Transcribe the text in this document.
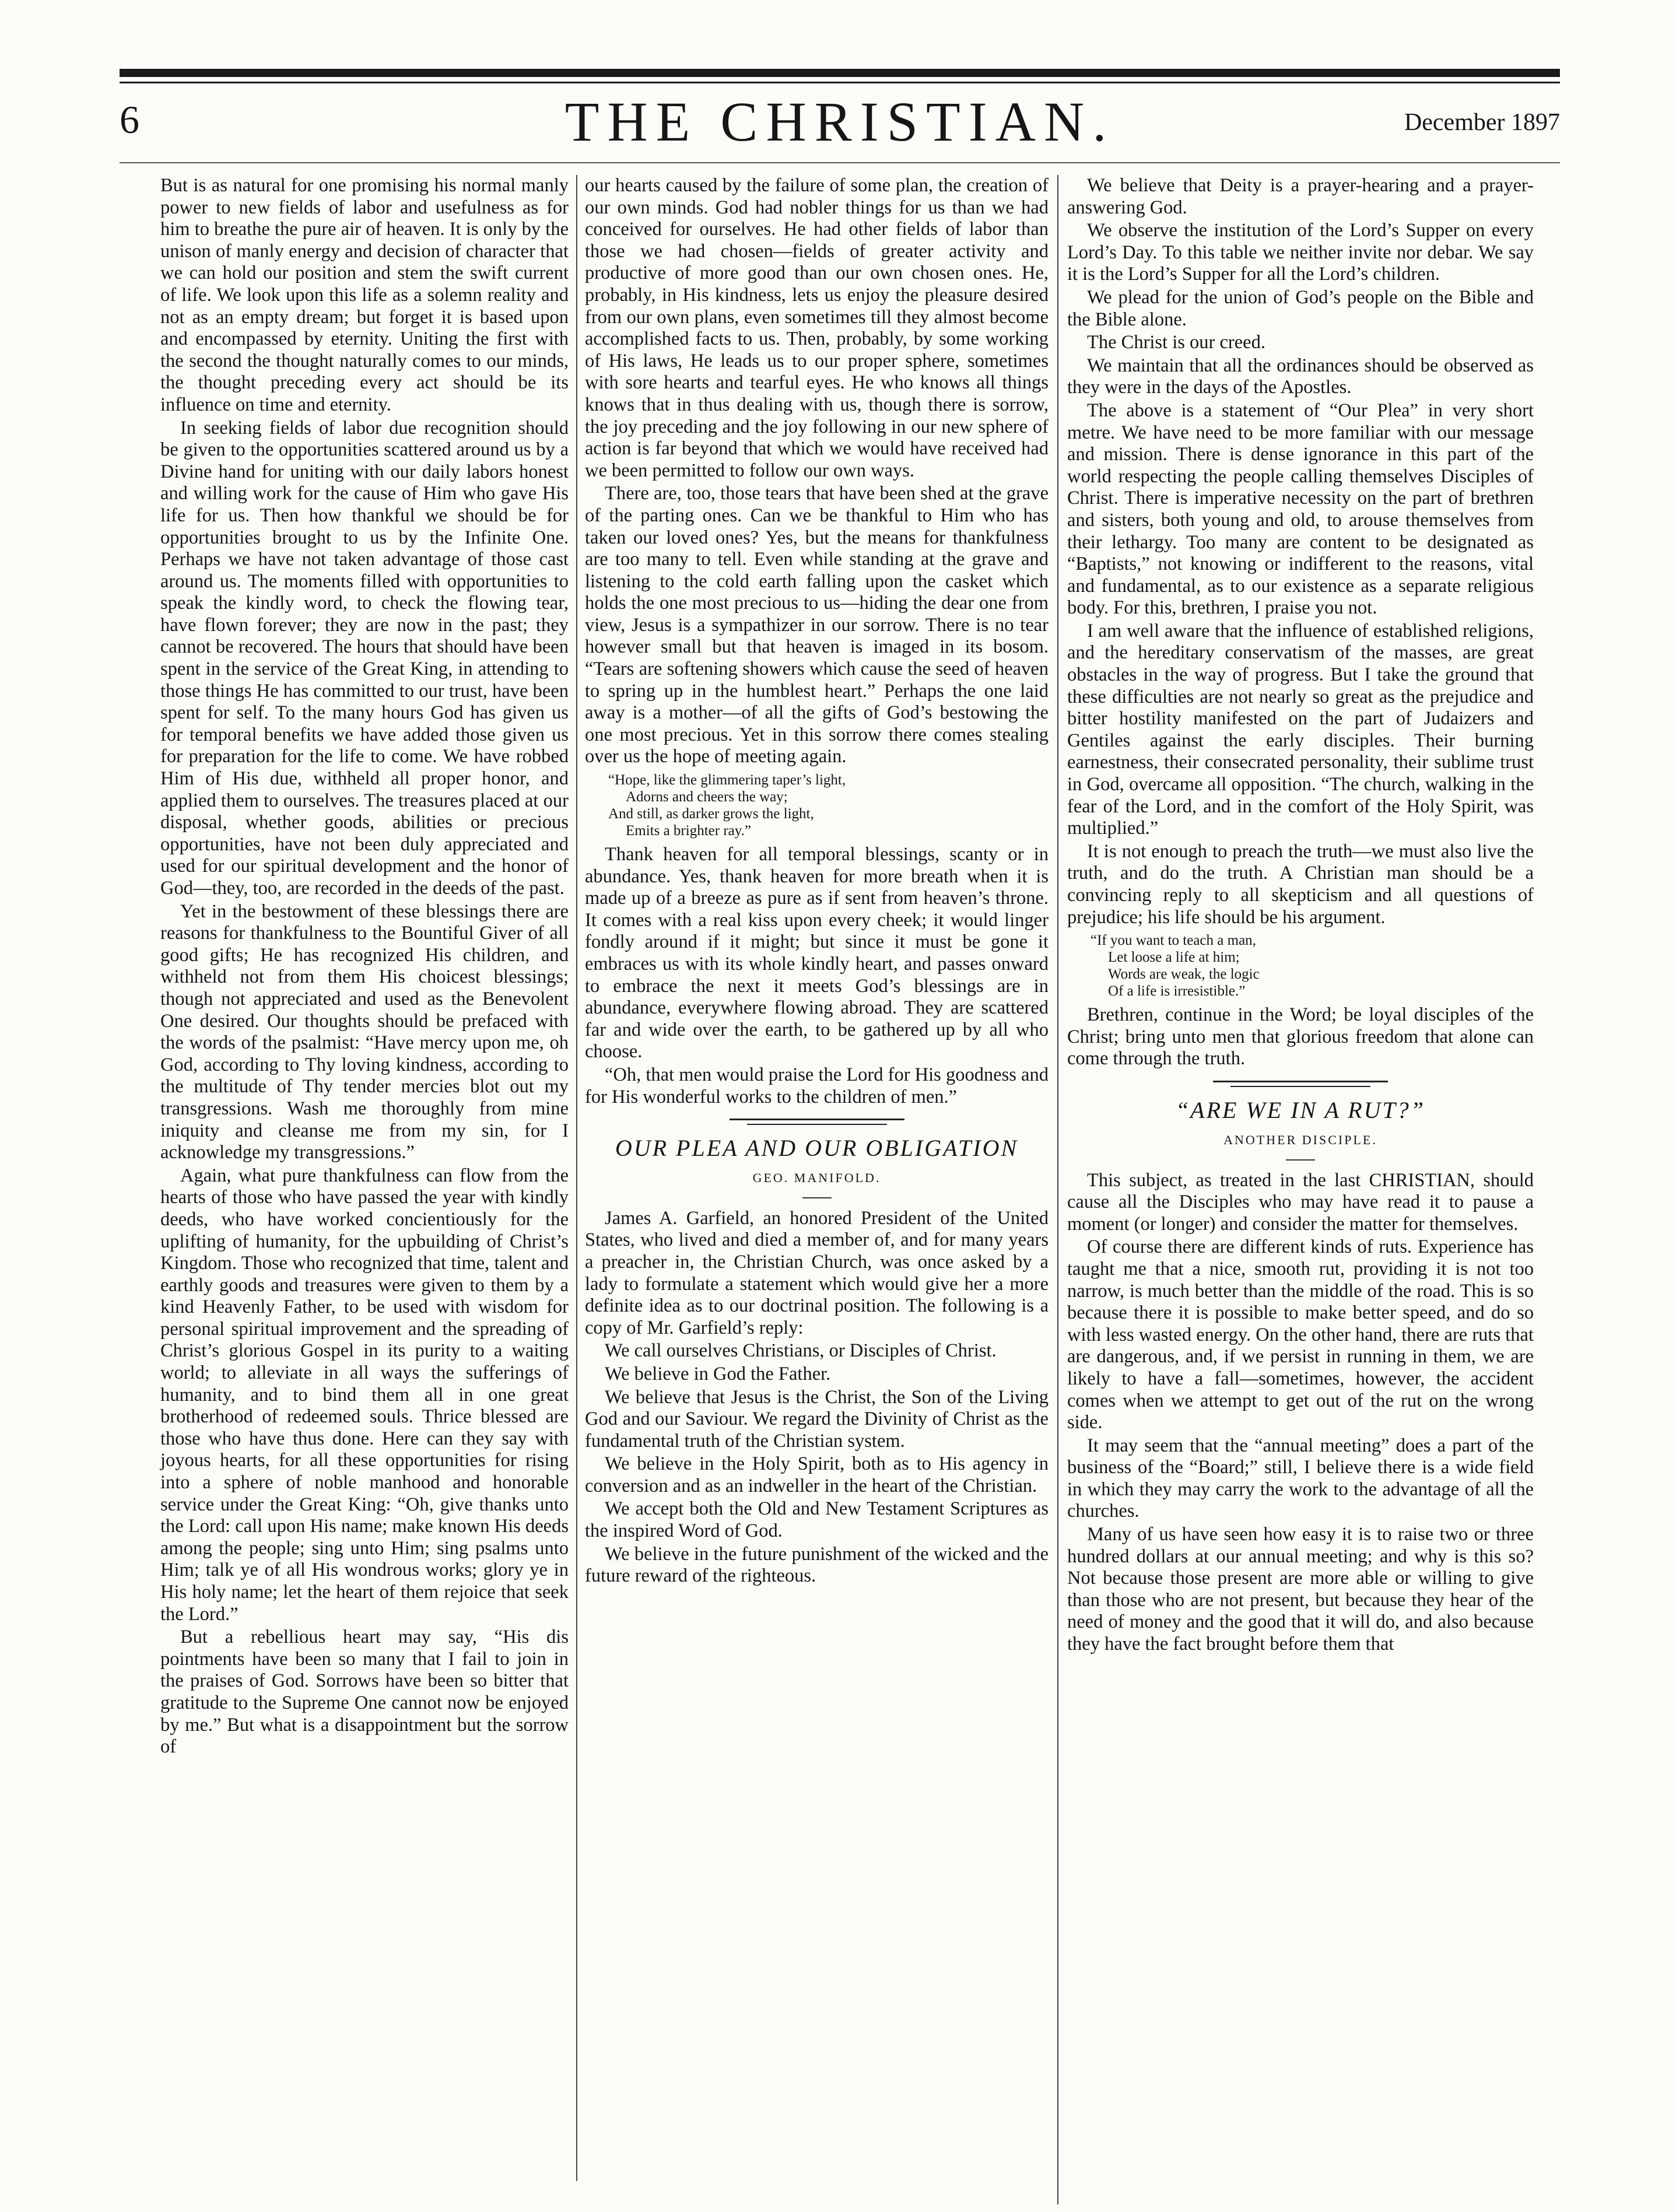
6	THE CHRISTIAN.	December 1897

But is as natural for one promising his normal manly power to new fields of labor and usefulness as for him to breathe the pure air of heaven. It is only by the unison of manly energy and decision of character that we can hold our position and stem the swift current of life. We look upon this life as a solemn reality and not as an empty dream; but forget it is based upon and encompassed by eternity. Uniting the first with the second the thought naturally comes to our minds, the thought preceding every act should be its influence on time and eternity.

In seeking fields of labor due recognition should be given to the opportunities scattered around us by a Divine hand for uniting with our daily labors honest and willing work for the cause of Him who gave His life for us. Then how thankful we should be for opportunities brought to us by the Infinite One. Perhaps we have not taken advantage of those cast around us. The moments filled with opportunities to speak the kindly word, to check the flowing tear, have flown forever; they are now in the past; they cannot be recovered. The hours that should have been spent in the service of the Great King, in attending to those things He has committed to our trust, have been spent for self. To the many hours God has given us for temporal benefits we have added those given us for preparation for the life to come. We have robbed Him of His due, withheld all proper honor, and applied them to ourselves. The treasures placed at our disposal, whether goods, abilities or precious opportunities, have not been duly appreciated and used for our spiritual development and the honor of God—they, too, are recorded in the deeds of the past.

Yet in the bestowment of these blessings there are reasons for thankfulness to the Bountiful Giver of all good gifts; He has recognized His children, and withheld not from them His choicest blessings; though not appreciated and used as the Benevolent One desired. Our thoughts should be prefaced with the words of the psalmist: “Have mercy upon me, oh God, according to Thy loving kindness, according to the multitude of Thy tender mercies blot out my transgressions. Wash me thoroughly from mine iniquity and cleanse me from my sin, for I acknowledge my transgressions.”

Again, what pure thankfulness can flow from the hearts of those who have passed the year with kindly deeds, who have worked concientiously for the uplifting of humanity, for the upbuilding of Christ’s Kingdom. Those who recognized that time, talent and earthly goods and treasures were given to them by a kind Heavenly Father, to be used with wisdom for personal spiritual improvement and the spreading of Christ’s glorious Gospel in its purity to a waiting world; to alleviate in all ways the sufferings of humanity, and to bind them all in one great brotherhood of redeemed souls. Thrice blessed are those who have thus done. Here can they say with joyous hearts, for all these opportunities for rising into a sphere of noble manhood and honorable service under the Great King: “Oh, give thanks unto the Lord: call upon His name; make known His deeds among the people; sing unto Him; sing psalms unto Him; talk ye of all His wondrous works; glory ye in His holy name; let the heart of them rejoice that seek the Lord.”

But a rebellious heart may say, “His dis pointments have been so many that I fail to join in the praises of God. Sorrows have been so bitter that gratitude to the Supreme One cannot now be enjoyed by me.” But what is a disappointment but the sorrow of

our hearts caused by the failure of some plan, the creation of our own minds. God had nobler things for us than we had conceived for ourselves. He had other fields of labor than those we had chosen—fields of greater activity and productive of more good than our own chosen ones. He, probably, in His kindness, lets us enjoy the pleasure desired from our own plans, even sometimes till they almost become accomplished facts to us. Then, probably, by some working of His laws, He leads us to our proper sphere, sometimes with sore hearts and tearful eyes. He who knows all things knows that in thus dealing with us, though there is sorrow, the joy preceding and the joy following in our new sphere of action is far beyond that which we would have received had we been permitted to follow our own ways.

There are, too, those tears that have been shed at the grave of the parting ones. Can we be thankful to Him who has taken our loved ones? Yes, but the means for thankfulness are too many to tell. Even while standing at the grave and listening to the cold earth falling upon the casket which holds the one most precious to us—hiding the dear one from view, Jesus is a sympathizer in our sorrow. There is no tear however small but that heaven is imaged in its bosom. “Tears are softening showers which cause the seed of heaven to spring up in the humblest heart.” Perhaps the one laid away is a mother—of all the gifts of God’s bestowing the one most precious. Yet in this sorrow there comes stealing over us the hope of meeting again.

“Hope, like the glimmering taper’s light,
Adorns and cheers the way;
And still, as darker grows the light,
Emits a brighter ray.”

Thank heaven for all temporal blessings, scanty or in abundance. Yes, thank heaven for more breath when it is made up of a breeze as pure as if sent from heaven’s throne. It comes with a real kiss upon every cheek; it would linger fondly around if it might; but since it must be gone it embraces us with its whole kindly heart, and passes onward to embrace the next it meets God’s blessings are in abundance, everywhere flowing abroad. They are scattered far and wide over the earth, to be gathered up by all who choose.

“Oh, that men would praise the Lord for His goodness and for His wonderful works to the children of men.”

OUR PLEA AND OUR OBLIGATION
GEO. MANIFOLD.

James A. Garfield, an honored President of the United States, who lived and died a member of, and for many years a preacher in, the Christian Church, was once asked by a lady to formulate a statement which would give her a more definite idea as to our doctrinal position. The following is a copy of Mr. Garfield’s reply:

We call ourselves Christians, or Disciples of Christ.

We believe in God the Father.

We believe that Jesus is the Christ, the Son of the Living God and our Saviour. We regard the Divinity of Christ as the fundamental truth of the Christian system.

We believe in the Holy Spirit, both as to His agency in conversion and as an indweller in the heart of the Christian.

We accept both the Old and New Testament Scriptures as the inspired Word of God.

We believe in the future punishment of the wicked and the future reward of the righteous.

We believe that Deity is a prayer-hearing and a prayer-answering God.

We observe the institution of the Lord’s Supper on every Lord’s Day. To this table we neither invite nor debar. We say it is the Lord’s Supper for all the Lord’s children.

We plead for the union of God’s people on the Bible and the Bible alone.

The Christ is our creed.

We maintain that all the ordinances should be observed as they were in the days of the Apostles.

The above is a statement of “Our Plea” in very short metre. We have need to be more familiar with our message and mission. There is dense ignorance in this part of the world respecting the people calling themselves Disciples of Christ. There is imperative necessity on the part of brethren and sisters, both young and old, to arouse themselves from their lethargy. Too many are content to be designated as “Baptists,” not knowing or indifferent to the reasons, vital and fundamental, as to our existence as a separate religious body. For this, brethren, I praise you not.

I am well aware that the influence of established religions, and the hereditary conservatism of the masses, are great obstacles in the way of progress. But I take the ground that these difficulties are not nearly so great as the prejudice and bitter hostility manifested on the part of Judaizers and Gentiles against the early disciples. Their burning earnestness, their consecrated personality, their sublime trust in God, overcame all opposition. “The church, walking in the fear of the Lord, and in the comfort of the Holy Spirit, was multiplied.”

It is not enough to preach the truth—we must also live the truth, and do the truth. A Christian man should be a convincing reply to all skepticism and all questions of prejudice; his life should be his argument.

“If you want to teach a man,
Let loose a life at him;
Words are weak, the logic
Of a life is irresistible.”

Brethren, continue in the Word; be loyal disciples of the Christ; bring unto men that glorious freedom that alone can come through the truth.

“ARE WE IN A RUT?”
ANOTHER DISCIPLE.

This subject, as treated in the last CHRISTIAN, should cause all the Disciples who may have read it to pause a moment (or longer) and consider the matter for themselves.

Of course there are different kinds of ruts. Experience has taught me that a nice, smooth rut, providing it is not too narrow, is much better than the middle of the road. This is so because there it is possible to make better speed, and do so with less wasted energy. On the other hand, there are ruts that are dangerous, and, if we persist in running in them, we are likely to have a fall—sometimes, however, the accident comes when we attempt to get out of the rut on the wrong side.

It may seem that the “annual meeting” does a part of the business of the “Board;” still, I believe there is a wide field in which they may carry the work to the advantage of all the churches.

Many of us have seen how easy it is to raise two or three hundred dollars at our annual meeting; and why is this so? Not because those present are more able or willing to give than those who are not present, but because they hear of the need of money and the good that it will do, and also because they have the fact brought before them that
